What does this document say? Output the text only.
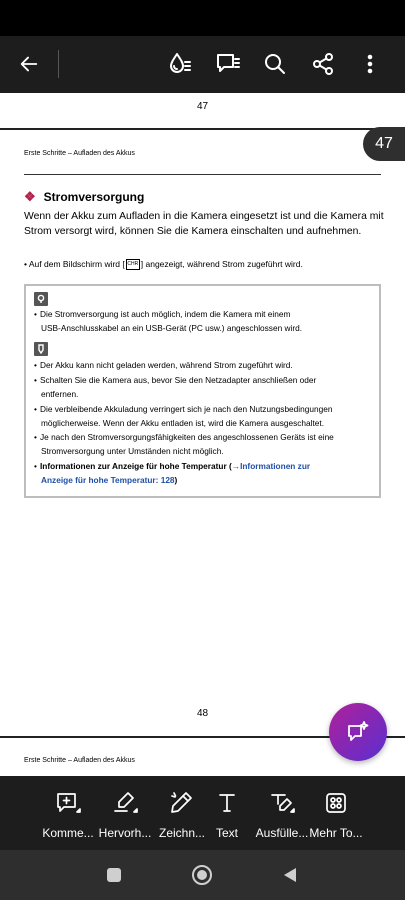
47
47
Erste Schritte – Aufladen des Akkus
❖ Stromversorgung
Wenn der Akku zum Aufladen in die Kamera eingesetzt ist und die Kamera mit Strom versorgt wird, können Sie die Kamera einschalten und aufnehmen.
• Auf dem Bildschirm wird [ CHR ] angezeigt, während Strom zugeführt wird.
• Die Stromversorgung ist auch möglich, indem die Kamera mit einem
USB-Anschlusskabel an ein USB-Gerät (PC usw.) angeschlossen wird.
• Der Akku kann nicht geladen werden, während Strom zugeführt wird.
• Schalten Sie die Kamera aus, bevor Sie den Netzadapter anschließen oder
entfernen.
• Die verbleibende Akkuladung verringert sich je nach den Nutzungsbedingungen
möglicherweise. Wenn der Akku entladen ist, wird die Kamera ausgeschaltet.
• Je nach den Stromversorgungsfähigkeiten des angeschlossenen Geräts ist eine
Stromversorgung unter Umständen nicht möglich.
• Informationen zur Anzeige für hohe Temperatur (→Informationen zur
Anzeige für hohe Temperatur: 128)
48
Erste Schritte – Aufladen des Akkus
Komme... Hervorh... Zeichn... Text	Ausfülle... Mehr To...
